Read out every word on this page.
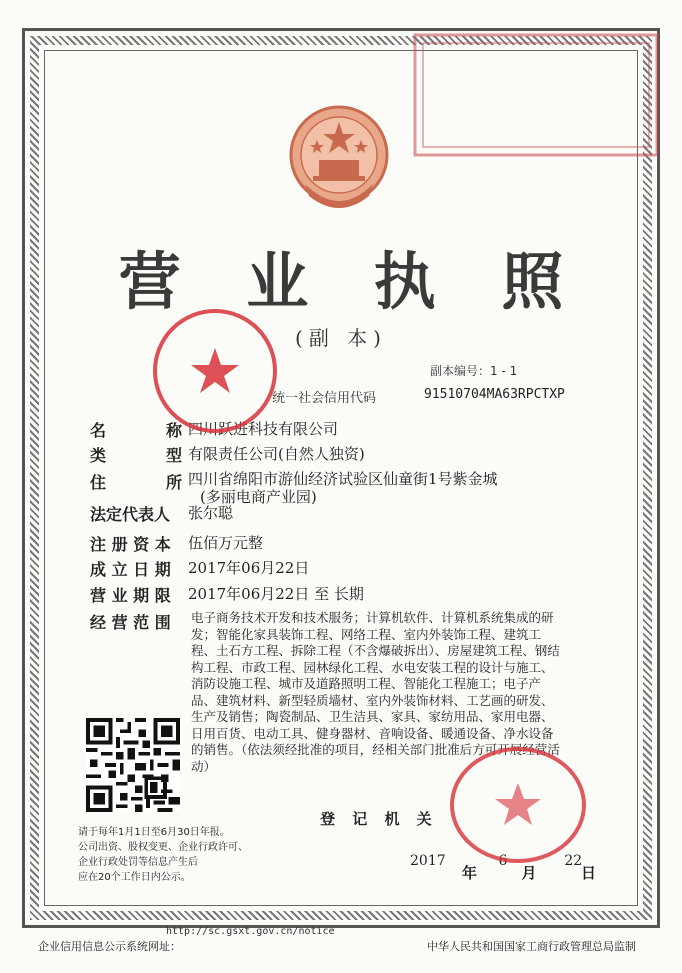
营 业 执 照
(副 本)
副本编号：1 - 1
统一社会信用代码	91510704MA63RPCTXP
名	称 四川跃进科技有限公司
类	型 有限责任公司(自然人独资)
住	所 四川省绵阳市游仙经济试验区仙童街1号紫金城
(多丽电商产业园)
法定代表人 张尔聪
注 册 资 本 伍佰万元整
成 立 日 期 2017年06月22日
营 业 期 限 2017年06月22日 至 长期
经 营 范 围 电子商务技术开发和技术服务；计算机软件、计算机系统集成的研发；智能化家具装饰工程、网络工程、室内外装饰工程、建筑工程、土石方工程、拆除工程（不含爆破拆出）、房屋建筑工程、钢结构工程、市政工程、园林绿化工程、水电安装工程的设计与施工、消防设施工程、城市及道路照明工程、智能化工程施工；电子产品、建筑材料、新型轻质墙材、室内外装饰材料、工艺画的研发、生产及销售；陶瓷制品、卫生洁具、家具、家纺用品、家用电器、日用百货、电动工具、健身器材、音响设备、暖通设备、净水设备的销售。（依法须经批准的项目，经相关部门批准后方可开展经营活动）
请于每年1月1日至6月30日年报。
公司出资、股权变更、企业行政许可、
企业行政处罚等信息产生后
应在20个工作日内公示。
登 记 机 关
2017	6	22
年	月	日
企业信用信息公示系统网址：
http://sc.gsxt.gov.cn/notice
中华人民共和国国家工商行政管理总局监制
